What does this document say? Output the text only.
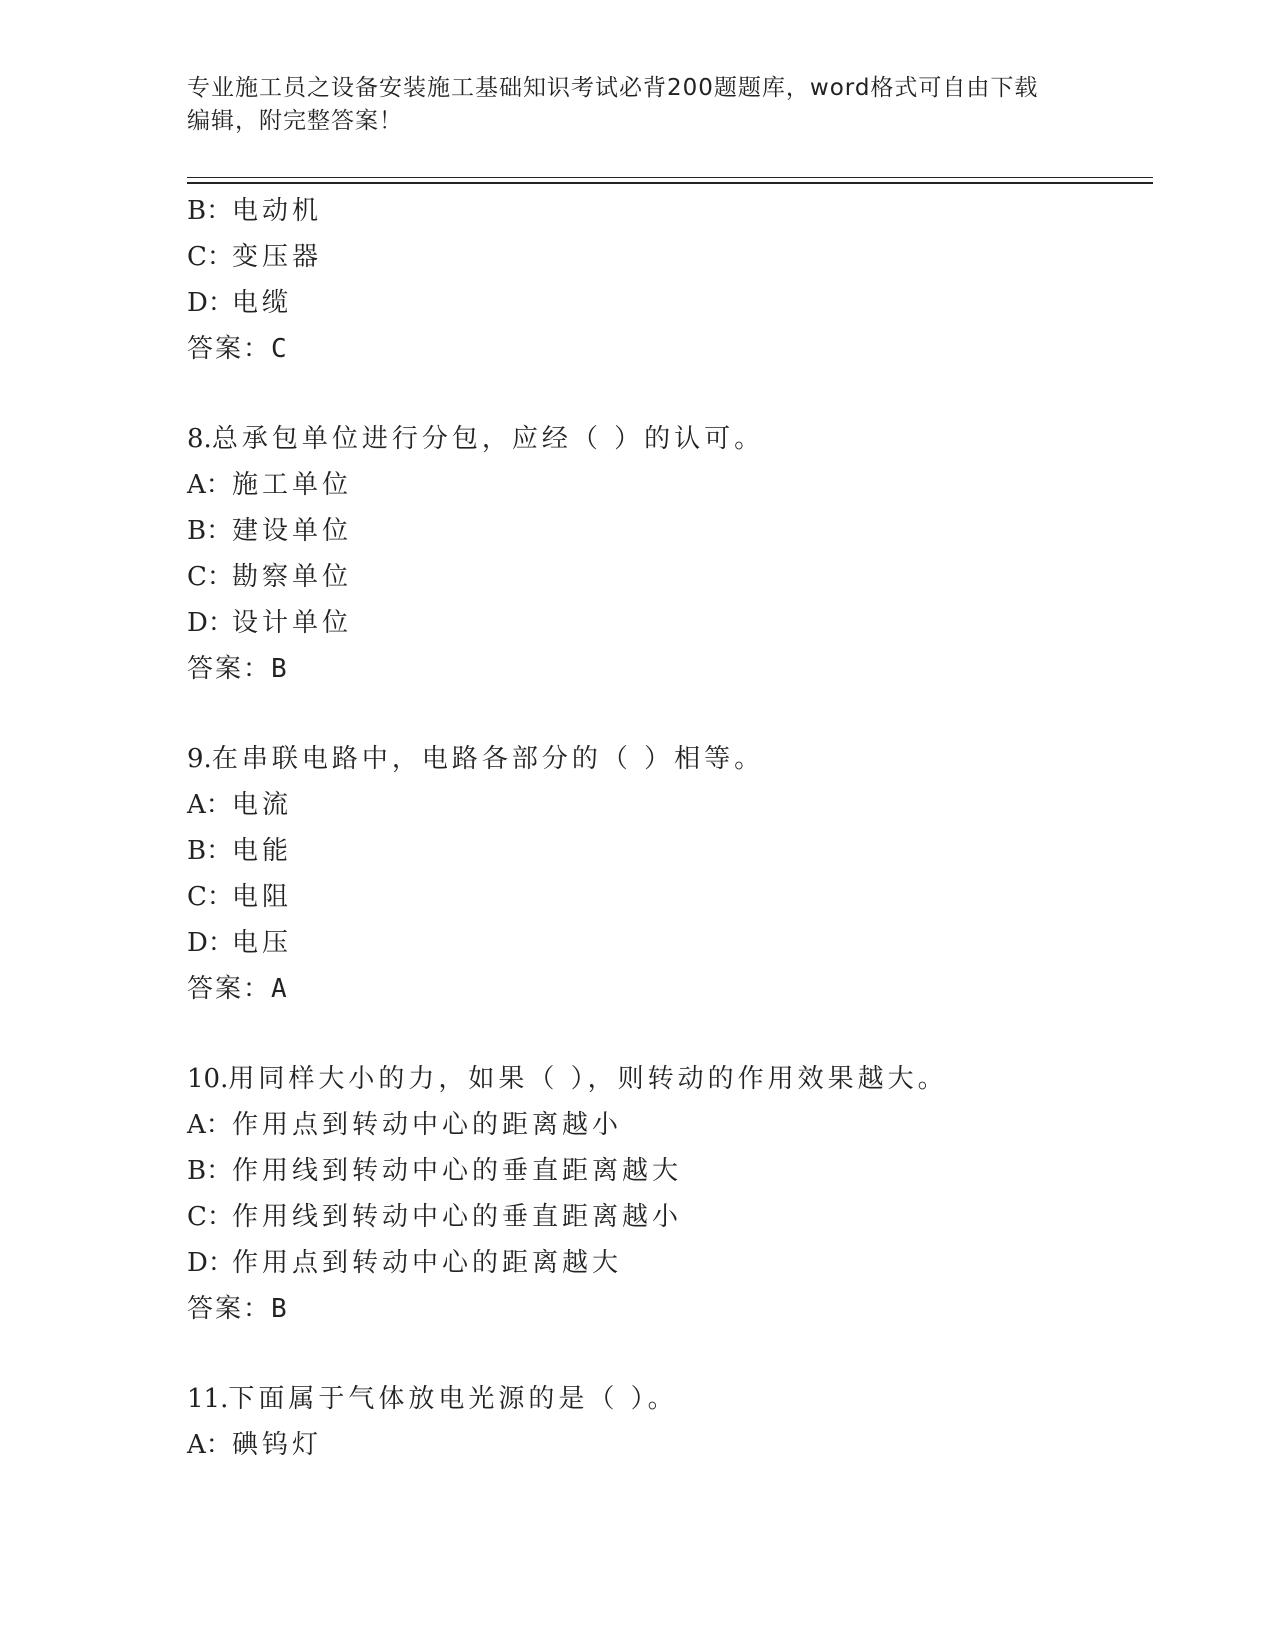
专业施工员之设备安装施工基础知识考试必背200题题库，word格式可自由下载
编辑，附完整答案！
B：电动机
C：变压器
D：电缆
答案：C
8.总承包单位进行分包，应经（ ）的认可。
A：施工单位
B：建设单位
C：勘察单位
D：设计单位
答案：B
9.在串联电路中，电路各部分的（ ）相等。
A：电流
B：电能
C：电阻
D：电压
答案：A
10.用同样大小的力，如果（ ），则转动的作用效果越大。
A：作用点到转动中心的距离越小
B：作用线到转动中心的垂直距离越大
C：作用线到转动中心的垂直距离越小
D：作用点到转动中心的距离越大
答案：B
11.下面属于气体放电光源的是（ ）。
A：碘钨灯
